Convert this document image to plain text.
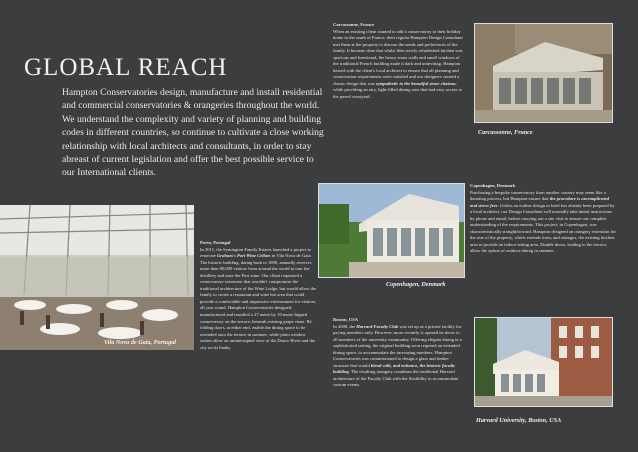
GLOBAL REACH

Hampton Conservatories design, manufacture and install residential and commercial conservatories & orangeries throughout the world. We understand the complexity and variety of planning and building codes in different countries, so continue to cultivate a close working relationship with local architects and consultants, in order to stay abreast of current legislation and offer the best possible service to our International clients.

Carcassonne, France
When an existing client wanted to add a conservatory to their holiday home in the south of France, their regular Hampton Design Consultant met them at the property to discuss the needs and preferences of the family. It became clear that whilst their newly refurbished kitchen was spacious and functional, the heavy stone walls and small windows of the traditional French building made it dark and uninviting. Hampton liaised with the client's local architect to ensure that all planning and conservation requirements were satisfied and our designers created a classic design that was sympathetic to the beautiful stone chateau, while providing an airy, light-filled dining area that had easy access to the paved courtyard.

Carcassonne, France

Copenhagen, Denmark

Copenhagen, Denmark
Purchasing a bespoke conservatory from another country may seem like a daunting process, but Hampton ensure that the procedure is uncomplicated and stress-free. Unless an outline design or brief has already been prepared by a local architect, our Design Consultant will normally take initial instructions by phone and email, before carrying out a site visit to ensure our complete understanding of the requirements. This project, in Copenhagen, was characteristically straightforward. Hampton designed an orangery extension for the rear of the property, which extends from, and enlarges, the existing kitchen area to provide an indoor-sitting area. Double doors, leading to the terrace, allow the option of outdoor dining in summer.

Vila Nova de Gaia, Portugal

Porto, Portugal
In 2011, the Symington Family Estates launched a project to renovate Graham's Port Wine Cellars in Vila Nova de Gaia. The historic building, dating back to 1890, annually receives more than 80,000 visitors from around the world to tour the distillery and taste the Port wine. Our client requested a conservatory extension that wouldn't compromise the traditional architecture of the Wine Lodge, but would allow the family to create a restaurant and wine bar area that could provide a comfortable and impressive environment for visitors, all year round. Hampton Conservatories designed, manufactured and installed a 27 metre by 10 metre hipped conservatory on the terrace, beneath existing grape vines. Bi-folding doors, at either end, enable the dining space to be extended onto the terrace in summer, while plain window sashes allow an uninterrupted view of the Douro River and the city on its banks.

Boston, USA
In 2008, the Harvard Faculty Club was set up as a private facility for paying members only. However, more recently, it opened its doors to all members of the university community. Offering elegant dining in a sophisticated setting, the original building soon required an extended dining space, to accommodate the increasing numbers. Hampton Conservatories was commissioned to design a glass and timber structure that would blend with, and enhance, the historic faculty building. The resulting orangery combines the traditional Harvard architecture of the Faculty Club with the flexibility to accommodate custom events.

Harvard University, Boston, USA
